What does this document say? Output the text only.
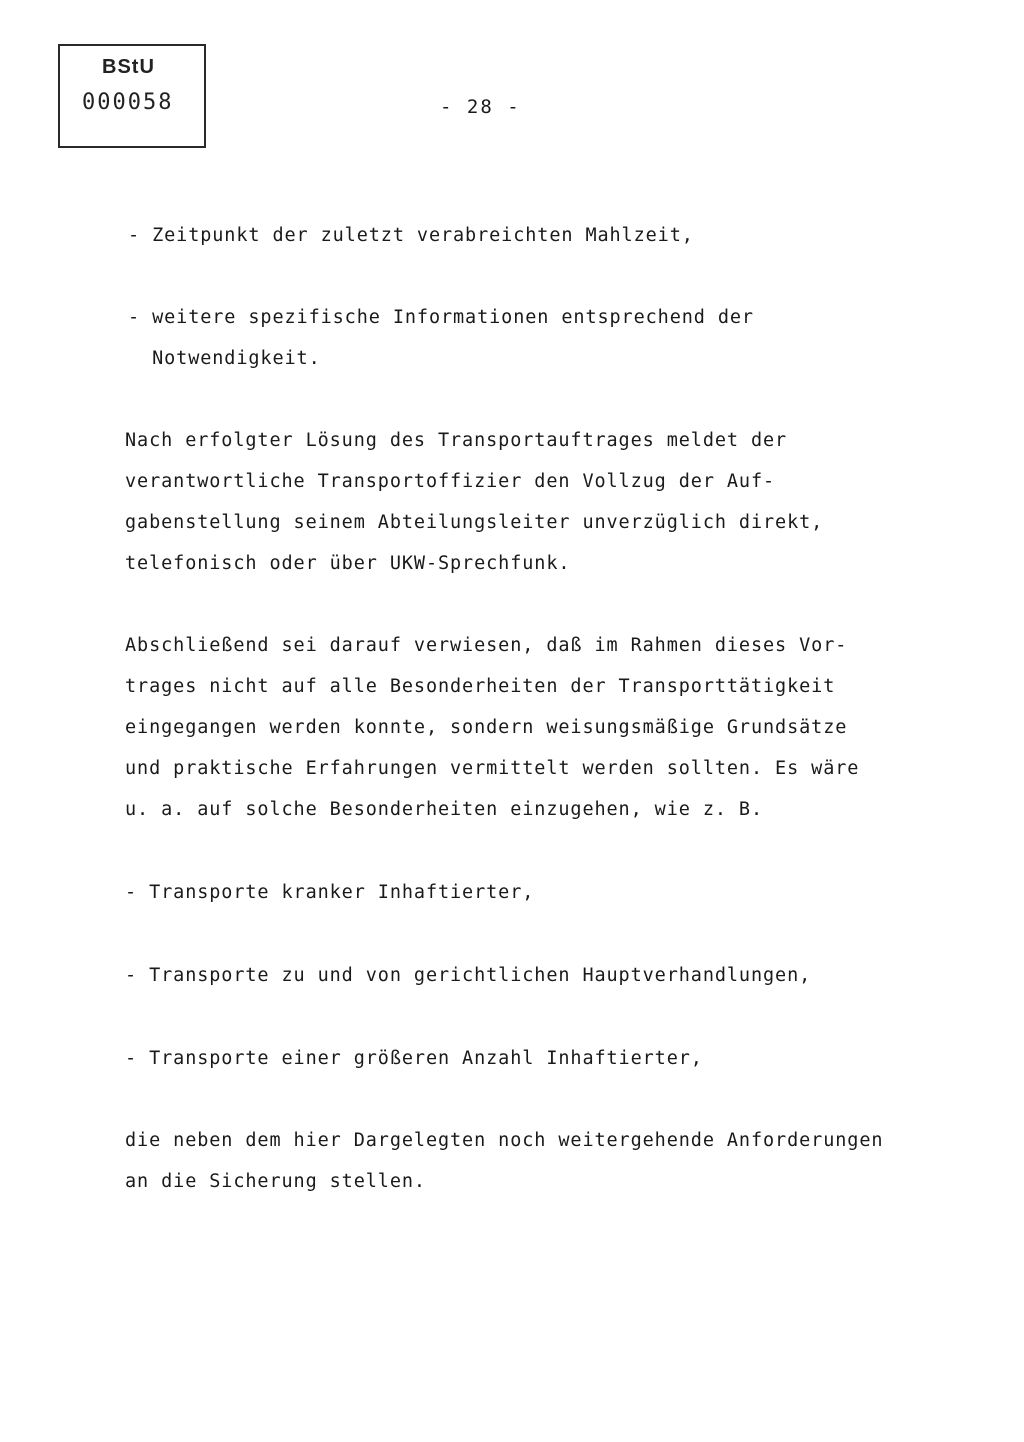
BStU
000058	- 28 -
- Zeitpunkt der zuletzt verabreichten Mahlzeit,
- weitere spezifische Informationen entsprechend der
Notwendigkeit.
Nach erfolgter Lösung des Transportauftrages meldet der
verantwortliche Transportoffizier den Vollzug der Auf-
gabenstellung seinem Abteilungsleiter unverzüglich direkt,
telefonisch oder über UKW-Sprechfunk.
Abschließend sei darauf verwiesen, daß im Rahmen dieses Vor-
trages nicht auf alle Besonderheiten der Transporttätigkeit
eingegangen werden konnte, sondern weisungsmäßige Grundsätze
und praktische Erfahrungen vermittelt werden sollten. Es wäre
u. a. auf solche Besonderheiten einzugehen, wie z. B.
- Transporte kranker Inhaftierter,
- Transporte zu und von gerichtlichen Hauptverhandlungen,
- Transporte einer größeren Anzahl Inhaftierter,
die neben dem hier Dargelegten noch weitergehende Anforderungen
an die Sicherung stellen.
